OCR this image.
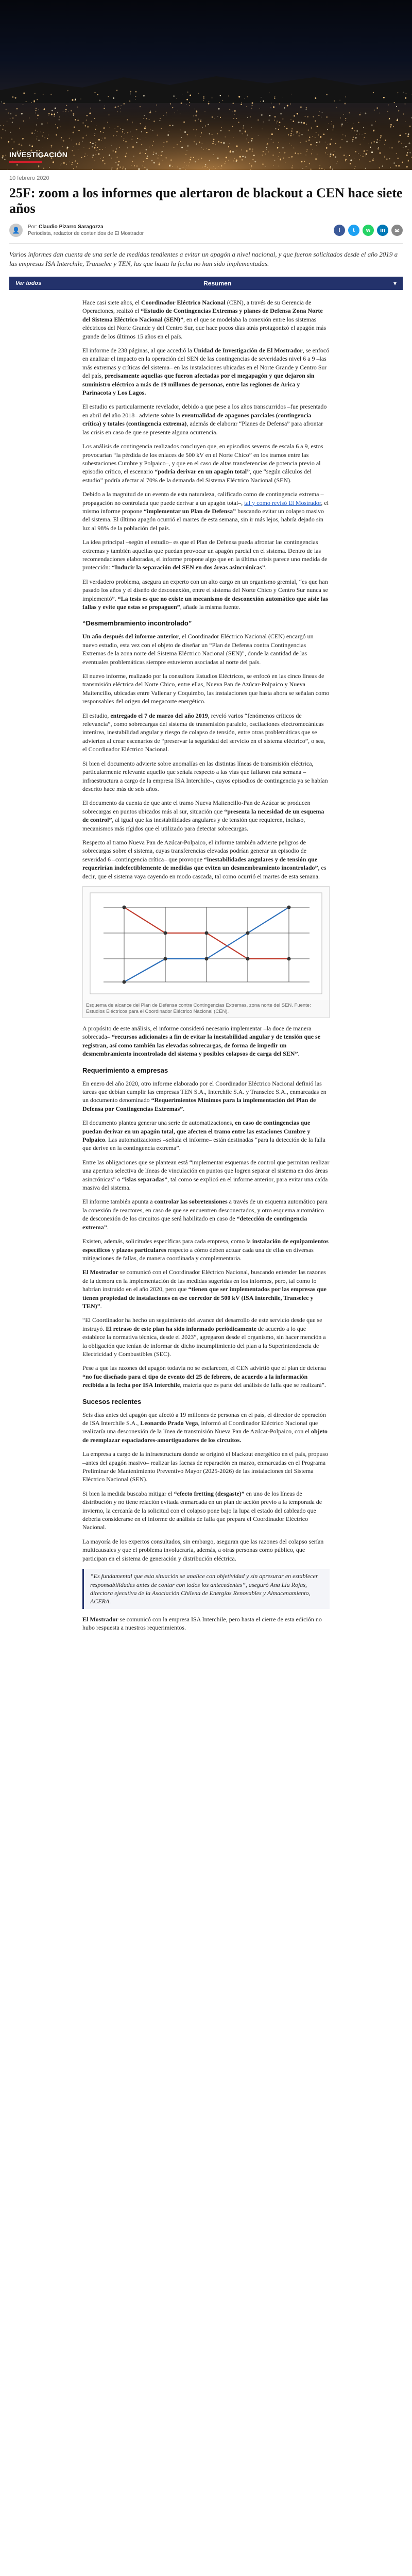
INVESTIGACIÓN
10 febrero 2020
25F: zoom a los informes que alertaron de blackout a CEN hace siete años
👤	Por: Claudio Pizarro Saragozza
Periodista, redactor de contenidos de El Mostrador
f	t	w	in	✉

Varios informes dan cuenta de una serie de medidas tendientes a evitar un apagón a nivel nacional, y que fueron solicitados desde el año 2019 a las empresas ISA Interchile, Transelec y TEN, las que hasta la fecha no han sido implementadas.

Ver todos	Resumen	▾

Hace casi siete años, el Coordinador Eléctrico Nacional (CEN), a través de su Gerencia de Operaciones, realizó el “Estudio de Contingencias Extremas y planes de Defensa Zona Norte del Sistema Eléctrico Nacional (SEN)”, en el que se modelaba la conexión entre los sistemas eléctricos del Norte Grande y del Centro Sur, que hace pocos días atrás protagonizó el apagón más grande de los últimos 15 años en el país.

El informe de 238 páginas, al que accedió la Unidad de Investigación de El Mostrador, se enfocó en analizar el impacto en la operación del SEN de las contingencias de severidades nivel 6 a 9 –las más extremas y críticas del sistema– en las instalaciones ubicadas en el Norte Grande y Centro Sur del país, precisamente aquellas que fueron afectadas por el megapagón y que dejaron sin suministro eléctrico a más de 19 millones de personas, entre las regiones de Arica y Parinacota y Los Lagos.

El estudio es particularmente revelador, debido a que pese a los años transcurridos –fue presentado en abril del año 2018– advierte sobre la eventualidad de apagones parciales (contingencia crítica) y totales (contingencia extrema), además de elaborar “Planes de Defensa” para afrontar las crisis en caso de que se presente alguna ocurrencia.

Los análisis de contingencia realizados concluyen que, en episodios severos de escala 6 a 9, estos provocarían “la pérdida de los enlaces de 500 kV en el Norte Chico” en los tramos entre las subestaciones Cumbre y Polpaico–, y que en el caso de altas transferencias de potencia previo al episodio crítico, el escenario “podría derivar en un apagón total”, que “según cálculos del estudio” podría afectar al 70% de la demanda del Sistema Eléctrico Nacional (SEN).

Debido a la magnitud de un evento de esta naturaleza, calificado como de contingencia extrema –propagación no controlada que puede derivar a un apagón total–, tal y como revisó El Mostrador, el mismo informe propone “implementar un Plan de Defensa” buscando evitar un colapso masivo del sistema. El último apagón ocurrió el martes de esta semana, sin ir más lejos, habría dejado sin luz al 98% de la población del país.

La idea principal –según el estudio– es que el Plan de Defensa pueda afrontar las contingencias extremas y también aquellas que puedan provocar un apagón parcial en el sistema. Dentro de las recomendaciones elaboradas, el informe propone algo que en la última crisis parece uno medida de protección: “Inducir la separación del SEN en dos áreas asincrónicas”.

El verdadero problema, asegura un experto con un alto cargo en un organismo gremial, “es que han pasado los años y el diseño de desconexión, entre el sistema del Norte Chico y Centro Sur nunca se implementó”. “La tesis es que no existe un mecanismo de desconexión automático que aísle las fallas y evite que estas se propaguen”, añade la misma fuente.

“Desmembramiento incontrolado”

Un año después del informe anterior, el Coordinador Eléctrico Nacional (CEN) encargó un nuevo estudio, esta vez con el objeto de diseñar un “Plan de Defensa contra Contingencias Extremas de la zona norte del Sistema Eléctrico Nacional (SEN)”, donde la cantidad de las eventuales problemáticas siempre estuvieron asociadas al norte del país.

El nuevo informe, realizado por la consultora Estudios Eléctricos, se enfocó en las cinco líneas de transmisión eléctrica del Norte Chico, entre ellas, Nueva Pan de Azúcar-Polpaico y Nueva Maitencillo, ubicadas entre Vallenar y Coquimbo, las instalaciones que hasta ahora se señalan como responsables del origen del megacorte energético.

El estudio, entregado el 7 de marzo del año 2019, reveló varios “fenómenos críticos de relevancia”, como sobrecargas del sistema de transmisión paralelo, oscilaciones electromecánicas interárea, inestabilidad angular y riesgo de colapso de tensión, entre otras problemáticas que se advierten al crear escenarios de “preservar la seguridad del servicio en el sistema eléctrico”, o sea, el Coordinador Eléctrico Nacional.

Si bien el documento advierte sobre anomalías en las distintas líneas de transmisión eléctrica, particularmente relevante aquello que señala respecto a las vías que fallaron esta semana –infraestructura a cargo de la empresa ISA Interchile–, cuyos episodios de contingencia ya se habían descrito hace más de seis años.

El documento da cuenta de que ante el tramo Nueva Maitencillo-Pan de Azúcar se producen sobrecargas en puntos ubicados más al sur, situación que “presenta la necesidad de un esquema de control”, al igual que las inestabilidades angulares y de tensión que requieren, incluso, mecanismos más rígidos que el utilizado para detectar sobrecargas.

Respecto al tramo Nueva Pan de Azúcar-Polpaico, el informe también advierte peligros de sobrecargas sobre el sistema, cuyas transferencias elevadas podrían generar un episodio de severidad 6 –contingencia crítica– que provoque “inestabilidades angulares y de tensión que requerirían indefectiblemente de medidas que eviten un desmembramiento incontrolado”, es decir, que el sistema vaya cayendo en modo cascada, tal como ocurrió el martes de esta semana.

Esquema de alcance del Plan de Defensa contra Contingencias Extremas, zona norte del SEN. Fuente: Estudios Eléctricos para el Coordinador Eléctrico Nacional (CEN).

A propósito de este análisis, el informe consideró necesario implementar –la doce de manera sobrecada– “recursos adicionales a fin de evitar la inestabilidad angular y de tensión que se registran, así como también las elevadas sobrecargas, de forma de impedir un desmembramiento incontrolado del sistema y posibles colapsos de carga del SEN”.

Requerimiento a empresas

En enero del año 2020, otro informe elaborado por el Coordinador Eléctrico Nacional definió las tareas que debían cumplir las empresas TEN S.A., Interchile S.A. y Transelec S.A., enmarcadas en un documento denominado “Requerimientos Mínimos para la implementación del Plan de Defensa por Contingencias Extremas”.

El documento plantea generar una serie de automatizaciones, en caso de contingencias que puedan derivar en un apagón total, que afecten el tramo entre las estaciones Cumbre y Polpaico. Las automatizaciones –señala el informe– están destinadas “para la detección de la falla que derive en la contingencia extrema”.

Entre las obligaciones que se plantean está “implementar esquemas de control que permitan realizar una apertura selectiva de líneas de vinculación en puntos que logren separar el sistema en dos áreas asincrónicas” o “islas separadas”, tal como se explicó en el informe anterior, para evitar una caída masiva del sistema.

El informe también apunta a controlar las sobretensiones a través de un esquema automático para la conexión de reactores, en caso de que se encuentren desconectados, y otro esquema automático de desconexión de los circuitos que será habilitado en caso de “detección de contingencia extrema”.

Existen, además, solicitudes específicas para cada empresa, como la instalación de equipamientos específicos y plazos particulares respecto a cómo deben actuar cada una de ellas en diversas mitigaciones de fallas, de manera coordinada y complementaria.

El Mostrador se comunicó con el Coordinador Eléctrico Nacional, buscando entender las razones de la demora en la implementación de las medidas sugeridas en los informes, pero, tal como lo habrían instruido en el año 2020, pero que “tienen que ser implementados por las empresas que tienen propiedad de instalaciones en ese corredor de 500 kV (ISA Interchile, Transelec y TEN)”.

“El Coordinador ha hecho un seguimiento del avance del desarrollo de este servicio desde que se instruyó. El retraso de este plan ha sido informado periódicamente de acuerdo a lo que establece la normativa técnica, desde el 2023”, agregaron desde el organismo, sin hacer mención a la obligación que tenían de informar de dicho incumplimiento del plan a la Superintendencia de Electricidad y Combustibles (SEC).

Pese a que las razones del apagón todavía no se esclarecen, el CEN advirtió que el plan de defensa “no fue diseñado para el tipo de evento del 25 de febrero, de acuerdo a la información recibida a la fecha por ISA Interchile, materia que es parte del análisis de falla que se realizará”.

Sucesos recientes

Seis días antes del apagón que afectó a 19 millones de personas en el país, el director de operación de ISA Interchile S.A., Leonardo Prado Vega, informó al Coordinador Eléctrico Nacional que realizaría una desconexión de la línea de transmisión Nueva Pan de Azúcar-Polpaico, con el objeto de reemplazar espaciadores-amortiguadores de los circuitos.

La empresa a cargo de la infraestructura donde se originó el blackout energético en el país, propuso –antes del apagón masivo– realizar las faenas de reparación en marzo, enmarcadas en el Programa Preliminar de Mantenimiento Preventivo Mayor (2025-2026) de las instalaciones del Sistema Eléctrico Nacional (SEN).

Si bien la medida buscaba mitigar el “efecto fretting (desgaste)” en uno de los líneas de distribución y no tiene relación evitada enmarcada en un plan de acción previo a la temporada de invierno, la cercanía de la solicitud con el colapso pone bajo la lupa el estado del cableado que debería considerarse en el informe de análisis de falla que prepara el Coordinador Eléctrico Nacional.

La mayoría de los expertos consultados, sin embargo, aseguran que las razones del colapso serían multicausales y que el problema involucraría, además, a otras personas como público, que participan en el sistema de generación y distribución eléctrica.

“Es fundamental que esta situación se analice con objetividad y sin apresurar en establecer responsabilidades antes de contar con todos los antecedentes”, aseguró Ana Lía Rojas, directora ejecutiva de la Asociación Chilena de Energías Renovables y Almacenamiento, ACERA.

El Mostrador se comunicó con la empresa ISA Interchile, pero hasta el cierre de esta edición no hubo respuesta a nuestros requerimientos.
